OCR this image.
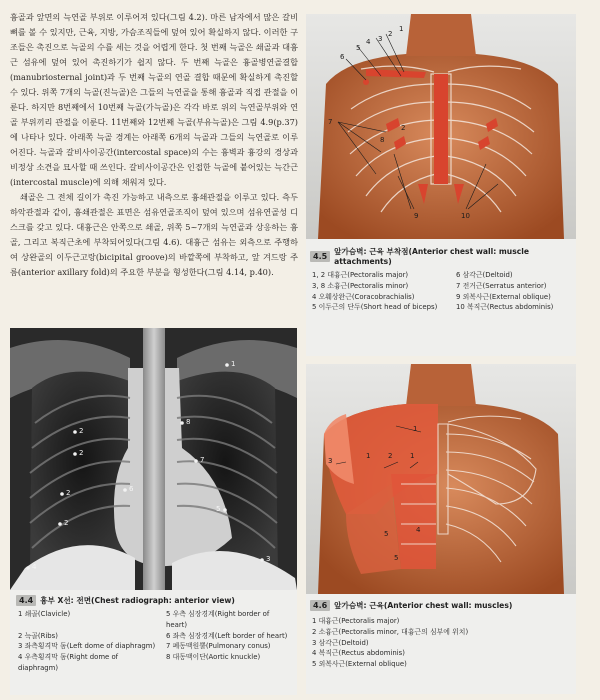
흉골과 앞면의 늑연골 부위로 이루어져 있다(그림 4.2). 마른 남자에서 많은 갈비뼈를 볼 수 있지만, 근육, 지방, 가슴조직들에 덮여 있어 확실하지 않다. 이러한 구조들은 촉진으로 늑골의 수를 세는 것을 어렵게 한다. 첫 번째 늑골은 쇄골과 대흉근 섬유에 덮여 있어 촉진하기가 쉽지 않다. 두 번째 늑골은 흉골병연골결합(manubriosternal joint)과 두 번째 늑골의 연골 결합 때문에 확실하게 촉진할 수 있다. 위쪽 7개의 늑골(진늑골)은 그들의 늑연골을 통해 흉골과 직접 관절을 이룬다. 하지만 8번째에서 10번째 늑골(가늑골)은 각각 바로 위의 늑연골부위와 연골 부위끼리 관절을 이룬다. 11번째와 12번째 늑골(부유늑골)은 그림 4.9(p.37)에 나타나 있다. 아래쪽 늑골 경계는 아래쪽 6개의 늑골과 그들의 늑연골로 이루어진다. 늑골과 갈비사이공간(intercostal space)의 수는 흉벽과 흉강의 경상과 비정상 소견을 묘사할 때 쓰인다. 갈비사이공간은 인접한 늑골에 붙어있는 늑간근(intercostal muscle)에 의해 채워져 있다.

쇄골은 그 전체 길이가 촉진 가능하고 내측으로 흉쇄관절을 이루고 있다. 측두하악관절과 같이, 흉쇄관절은 표면은 섬유연골조직이 덮여 있으며 섬유연골성 디스크를 갖고 있다. 대흉근은 안쪽으로 쇄골, 위쪽 5~7개의 늑연골과 상응하는 흉골, 그리고 복직근초에 부착되어있다(그림 4.6). 대흉근 섬유는 외측으로 주행하여 상완골의 이두근고랑(bicipital groove)의 바깥쪽에 부착하고, 앞 겨드랑 주름(anterior axillary fold)의 주요한 부분을 형성한다(그림 4.14, p.40).

1
2
2
2
2
6
8
7
5
4
3
4.4 흉부 X선: 전면(Chest radiograph: anterior view)
1 쇄골(Clavicle)
2 늑골(Ribs)
3 좌측횡격막 돔(Left dome of diaphragm)
4 우측횡격막 돔(Right dome of diaphragm)
5 우측 심장경계(Right border of heart)
6 좌측 심장경계(Left border of heart)
7 폐동맥원뿔(Pulmonary conus)
8 대동맥이단(Aortic knuckle)
1
2
3
4
5
6
7
8
9	10
2
4.5 앞가슴벽: 근육 부착점(Anterior chest wall: muscle attachments)
1, 2 대흉근(Pectoralis major)
3, 8 소흉근(Pectoralis minor)
4 오훼상완근(Coracobrachialis)
5 이두근의 단두(Short head of biceps)
6 삼각근(Deltoid)
7 전거근(Serratus anterior)
9 외복사근(External oblique)
10 복직근(Rectus abdominis)
1
3
2	1
1
4
5
5
4.6 앞가슴벽: 근육(Anterior chest wall: muscles)
1 대흉근(Pectoralis major)
2 소흉근(Pectoralis minor, 대흉근의 심부에 위치)
3 삼각근(Deltoid)
4 복직근(Rectus abdominis)
5 외복사근(External oblique)
